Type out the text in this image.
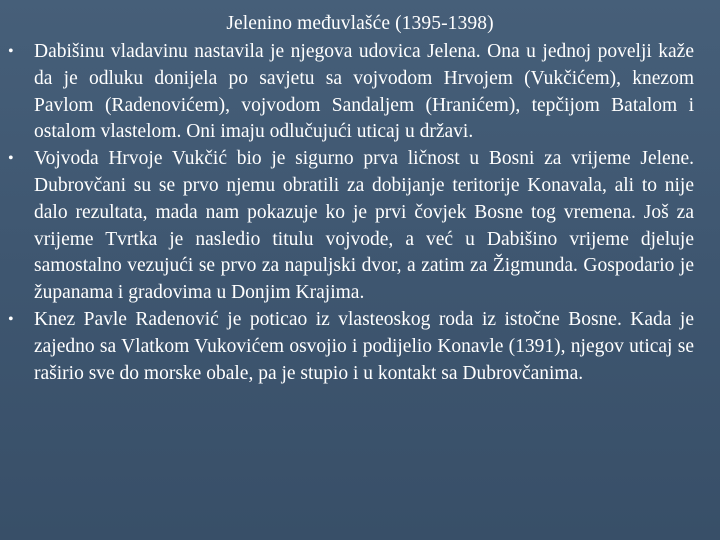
Jelenino međuvlašće (1395-1398)
• Dabišinu vladavinu nastavila je njegova udovica Jelena. Ona u jednoj povelji kaže da je odluku donijela po savjetu sa vojvodom Hrvojem (Vukčićem), knezom Pavlom (Radenovićem), vojvodom Sandaljem (Hranićem), tepčijom Batalom i ostalom vlastelom. Oni imaju odlučujući uticaj u državi.
• Vojvoda Hrvoje Vukčić bio je sigurno prva ličnost u Bosni za vrijeme Jelene. Dubrovčani su se prvo njemu obratili za dobijanje teritorije Konavala, ali to nije dalo rezultata, mada nam pokazuje ko je prvi čovjek Bosne tog vremena. Još za vrijeme Tvrtka je nasledio titulu vojvode, a već u Dabišino vrijeme djeluje samostalno vezujući se prvo za napuljski dvor, a zatim za Žigmunda. Gospodario je županama i gradovima u Donjim Krajima.
• Knez Pavle Radenović je poticao iz vlasteoskog roda iz istočne Bosne. Kada je zajedno sa Vlatkom Vukovićem osvojio i podijelio Konavle (1391), njegov uticaj se raširio sve do morske obale, pa je stupio i u kontakt sa Dubrovčanima.
